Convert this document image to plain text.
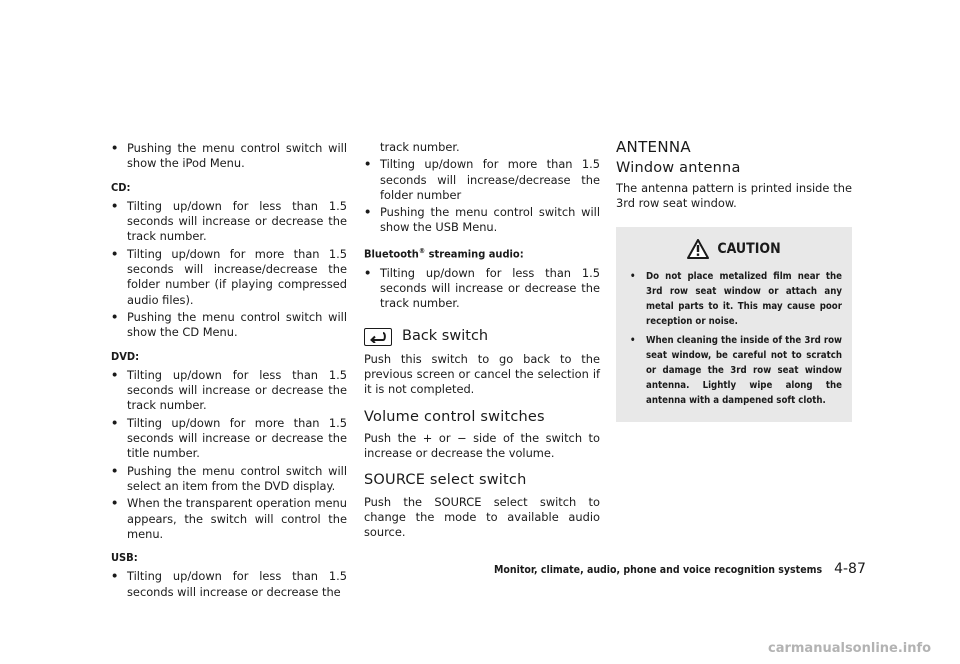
• Pushing the menu control switch will show the iPod Menu.
CD:
• Tilting up/down for less than 1.5 seconds will increase or decrease the track number.
• Tilting up/down for more than 1.5 seconds will increase/decrease the folder number (if playing compressed audio files).
• Pushing the menu control switch will show the CD Menu.
DVD:
• Tilting up/down for less than 1.5 seconds will increase or decrease the track number.
• Tilting up/down for more than 1.5 seconds will increase or decrease the title number.
• Pushing the menu control switch will select an item from the DVD display.
• When the transparent operation menu appears, the switch will control the menu.
USB:
• Tilting up/down for less than 1.5 seconds will increase or decrease the
track number.
• Tilting up/down for more than 1.5 seconds will increase/decrease the folder number
• Pushing the menu control switch will show the USB Menu.
Bluetooth® streaming audio:
• Tilting up/down for less than 1.5 seconds will increase or decrease the track number.
Back switch

Push this switch to go back to the previous screen or cancel the selection if it is not completed.

Volume control switches

Push the + or − side of the switch to increase or decrease the volume.

SOURCE select switch

Push the SOURCE select switch to change the mode to available audio source.

ANTENNA
Window antenna

The antenna pattern is printed inside the 3rd row seat window.

CAUTION
• Do not place metalized film near the 3rd row seat window or attach any metal parts to it. This may cause poor reception or noise.
• When cleaning the inside of the 3rd row seat window, be careful not to scratch or damage the 3rd row seat window antenna. Lightly wipe along the antenna with a dampened soft cloth.
Monitor, climate, audio, phone and voice recognition systems 4-87
carmanualsonline.info
